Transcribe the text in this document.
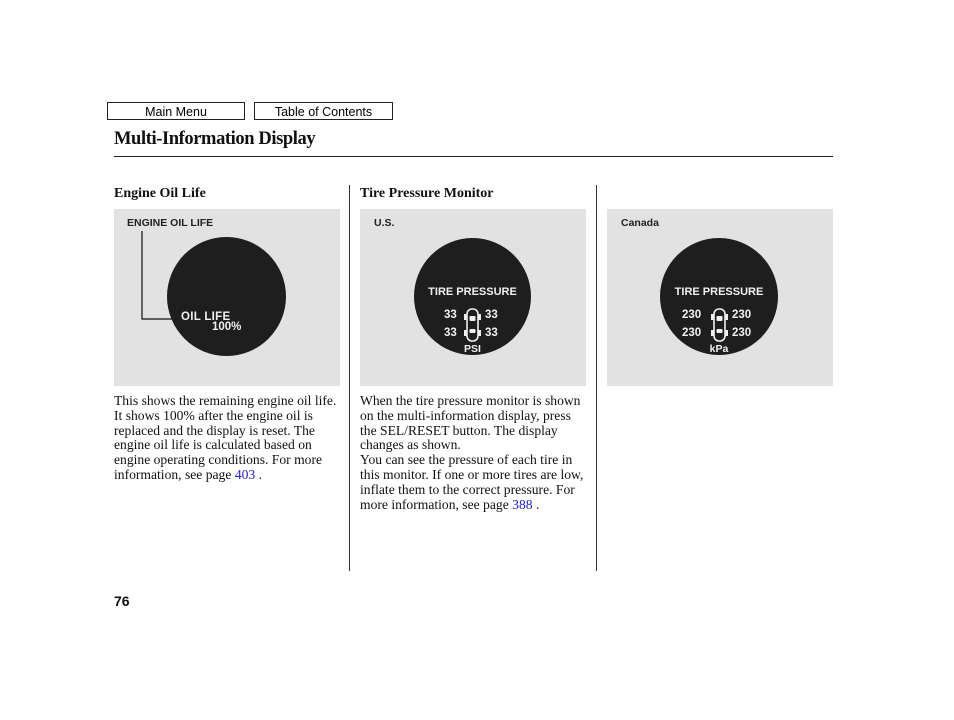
Main Menu	Table of Contents
Multi-Information Display
Engine Oil Life	Tire Pressure Monitor
ENGINE OIL LIFE
OIL LIFE
100%
U.S.
TIRE PRESSURE
33 33
33 33
PSI
Canada
TIRE PRESSURE
230	230
230	230
kPa

This shows the remaining engine oil life. It shows 100% after the engine oil is replaced and the display is reset. The engine oil life is calculated based on engine operating conditions. For more information, see page 403 .

When the tire pressure monitor is shown on the multi-information display, press the SEL/RESET button. The display changes as shown.

You can see the pressure of each tire in this monitor. If one or more tires are low, inflate them to the correct pressure. For more information, see page 388 .

76
